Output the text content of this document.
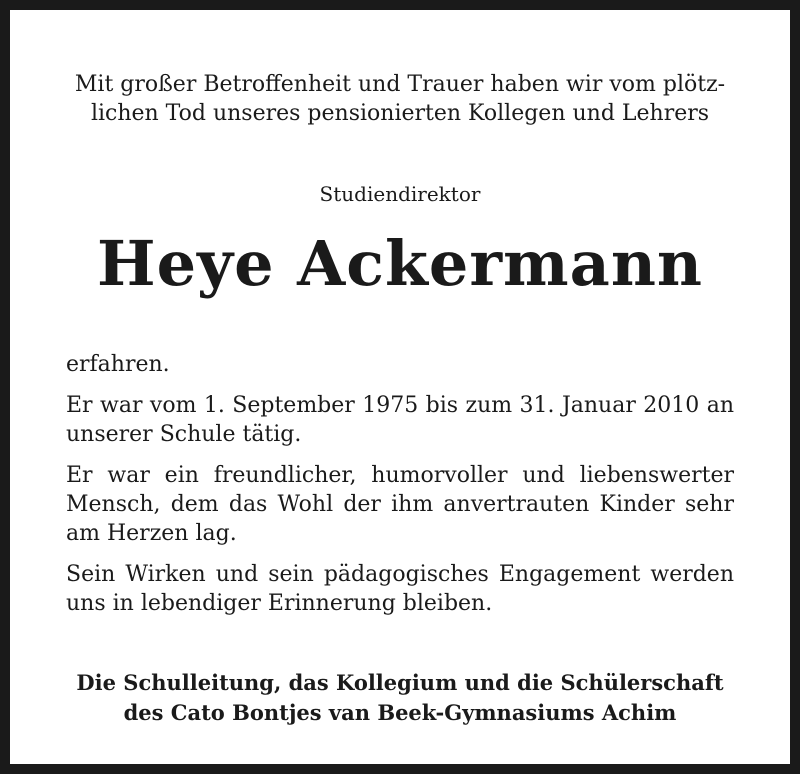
Mit großer Betroffenheit und Trauer haben wir vom plötz-
lichen Tod unseres pensionierten Kollegen und Lehrers
Studiendirektor
Heye Ackermann

erfahren.

Er war vom 1. September 1975 bis zum 31. Januar 2010 an unserer Schule tätig.

Er war ein freundlicher, humorvoller und liebenswerter Mensch, dem das Wohl der ihm anvertrauten Kinder sehr am Herzen lag.

Sein Wirken und sein pädagogisches Engagement werden uns in lebendiger Erinnerung bleiben.

Die Schulleitung, das Kollegium und die Schülerschaft
des Cato Bontjes van Beek-Gymnasiums Achim
